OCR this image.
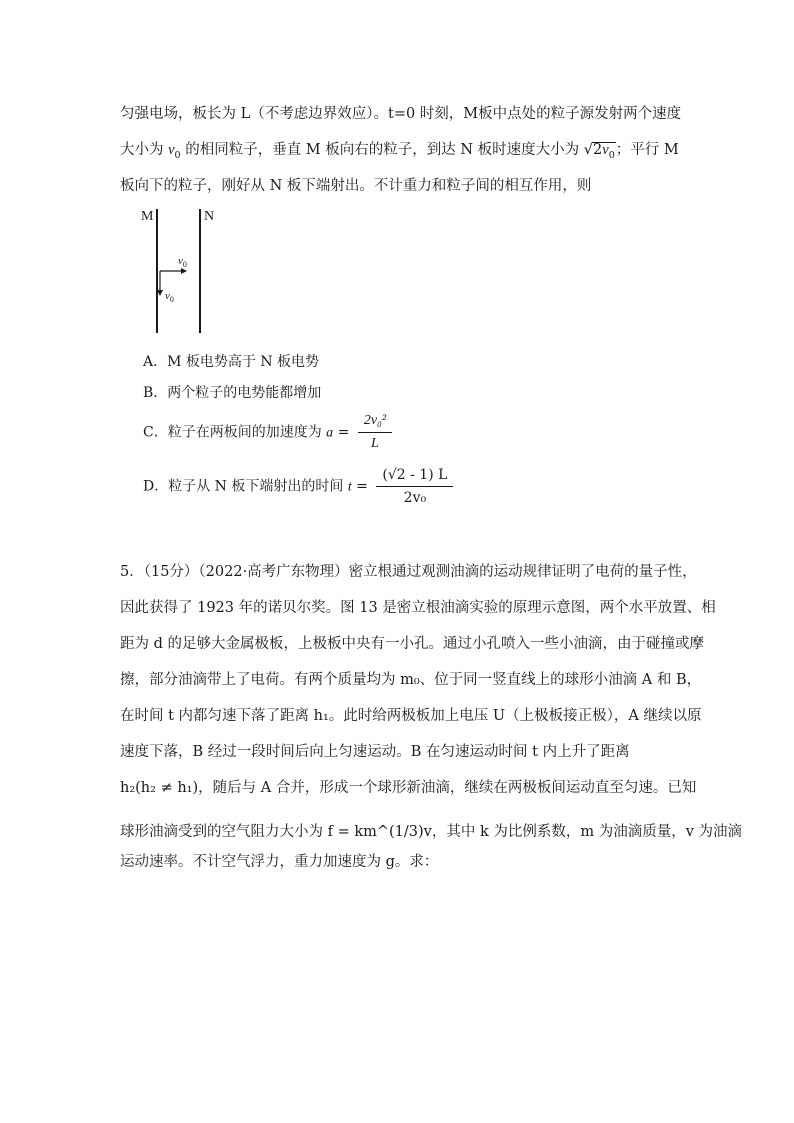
匀强电场，板长为 L（不考虑边界效应）。t=0 时刻，M板中点处的粒子源发射两个速度
大小为 $v_0$ 的相同粒子，垂直 M 板向右的粒子，到达 N 板时速度大小为 $√2v_0$；平行 M
板向下的粒子，刚好从 N 板下端射出。不计重力和粒子间的相互作用，则
M	N
$v_0$
$v_0$
A．M 板电势高于 N 板电势
B．两个粒子的电势能都增加
C．粒子在两板间的加速度为 $a = \frac{\text{2v₀²}}{L}$
D．粒子从 N 板下端射出的时间 $t = \frac{(√2 - 1) L}{\text{2v₀}}$
5．（15分）（2022·高考广东物理）密立根通过观测油滴的运动规律证明了电荷的量子性，
因此获得了 1923 年的诺贝尔奖。图 13 是密立根油滴实验的原理示意图，两个水平放置、相
距为 d 的足够大金属极板，上极板中央有一小孔。通过小孔喷入一些小油滴，由于碰撞或摩
擦，部分油滴带上了电荷。有两个质量均为 m₀、位于同一竖直线上的球形小油滴 A 和 B，
在时间 t 内都匀速下落了距离 h₁。此时给两极板加上电压 U（上极板接正极），A 继续以原
速度下落，B 经过一段时间后向上匀速运动。B 在匀速运动时间 t 内上升了距离
h₂(h₂ ≠ h₁)，随后与 A 合并，形成一个球形新油滴，继续在两极板间运动直至匀速。已知
球形油滴受到的空气阻力大小为 f = km^(1/3)v，其中 k 为比例系数，m 为油滴质量，v 为油滴
运动速率。不计空气浮力，重力加速度为 g。求：
